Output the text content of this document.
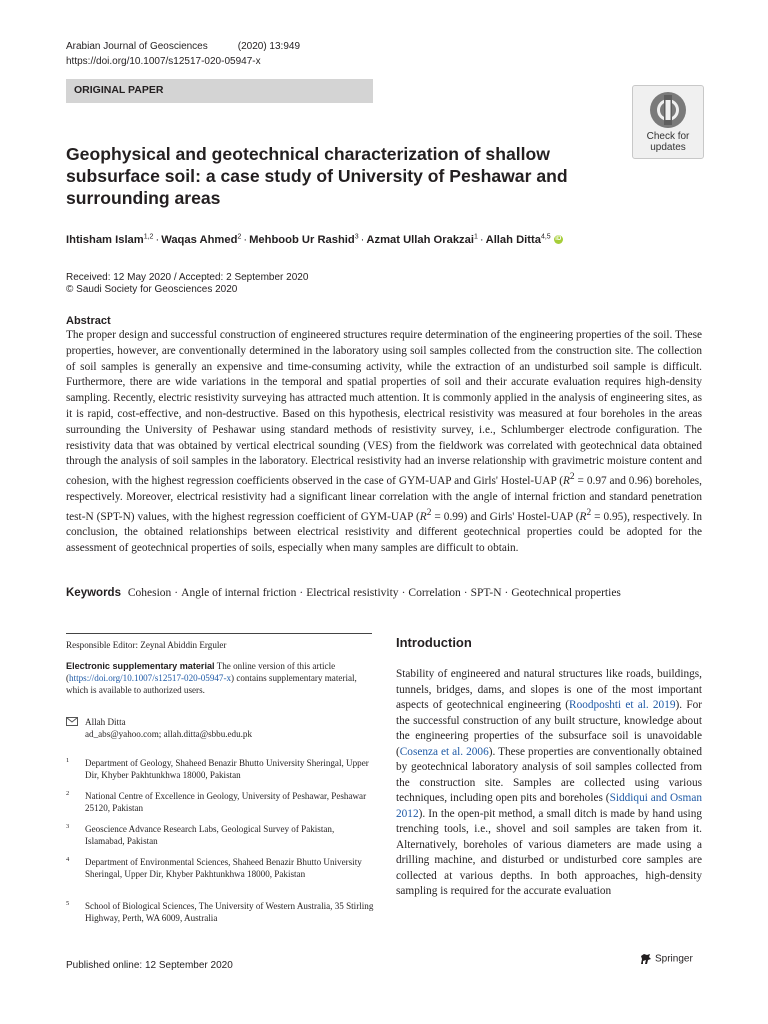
Arabian Journal of Geosciences	(2020) 13:949
https://doi.org/10.1007/s12517-020-05947-x
ORIGINAL PAPER
Check for
updates
Geophysical and geotechnical characterization of shallow subsurface soil: a case study of University of Peshawar and surrounding areas
Ihtisham Islam$^{1,2}$ · Waqas Ahmed$^2$ · Mehboob Ur Rashid$^3$ · Azmat Ullah Orakzai$^1$ · Allah Ditta$^{4,5}$ iD
Received: 12 May 2020 / Accepted: 2 September 2020
© Saudi Society for Geosciences 2020
Abstract
The proper design and successful construction of engineered structures require determination of the engineering properties of the soil. These properties, however, are conventionally determined in the laboratory using soil samples collected from the construction site. The collection of soil samples is generally an expensive and time-consuming activity, while the extraction of an undisturbed soil sample is difficult. Furthermore, there are wide variations in the temporal and spatial properties of soil and their accurate evaluation requires high-density sampling. Recently, electric resistivity surveying has attracted much attention. It is commonly applied in the analysis of engineering sites, as it is rapid, cost-effective, and non-destructive. Based on this hypothesis, electrical resistivity was measured at four boreholes in the areas surrounding the University of Peshawar using standard methods of resistivity survey, i.e., Schlumberger electrode configuration. The resistivity data that was obtained by vertical electrical sounding (VES) from the fieldwork was correlated with geotechnical data obtained through the analysis of soil samples in the laboratory. Electrical resistivity had an inverse relationship with gravimetric moisture content and cohesion, with the highest regression coefficients observed in the case of GYM-UAP and Girls' Hostel-UAP ($R^2 = 0.97$ and 0.96) boreholes, respectively. Moreover, electrical resistivity had a significant linear correlation with the angle of internal friction and standard penetration test-N (SPT-N) values, with the highest regression coefficient of GYM-UAP $(R^2 = 0.99)$ and Girls' Hostel-UAP $(R^2 = 0.95)$, respectively. In conclusion, the obtained relationships between electrical resistivity and different geotechnical properties could be adopted for the assessment of geotechnical properties of soils, especially when many samples are difficult to obtain.
Keywords Cohesion · Angle of internal friction · Electrical resistivity · Correlation · SPT-N · Geotechnical properties
Responsible Editor: Zeynal Abiddin Erguler
Electronic supplementary material The online version of this article (https://doi.org/10.1007/s12517-020-05947-x) contains supplementary material, which is available to authorized users.
Allah Ditta
ad_abs@yahoo.com; allah.ditta@sbbu.edu.pk
1 Department of Geology, Shaheed Benazir Bhutto University Sheringal, Upper Dir, Khyber Pakhtunkhwa 18000, Pakistan
2 National Centre of Excellence in Geology, University of Peshawar, Peshawar 25120, Pakistan
3 Geoscience Advance Research Labs, Geological Survey of Pakistan, Islamabad, Pakistan
4 Department of Environmental Sciences, Shaheed Benazir Bhutto University Sheringal, Upper Dir, Khyber Pakhtunkhwa 18000, Pakistan
5 School of Biological Sciences, The University of Western Australia, 35 Stirling Highway, Perth, WA 6009, Australia
Introduction
Stability of engineered and natural structures like roads, buildings, tunnels, bridges, dams, and slopes is one of the most important aspects of geotechnical engineering (Roodposhti et al. 2019). For the successful construction of any built structure, knowledge about the engineering properties of the subsurface soil is unavoidable (Cosenza et al. 2006). These properties are conventionally obtained by geotechnical laboratory analysis of soil samples collected from the construction site. Samples are collected using various techniques, including open pits and boreholes (Siddiqui and Osman 2012). In the open-pit method, a small ditch is made by hand using trenching tools, i.e., shovel and soil samples are taken from it. Alternatively, boreholes of various diameters are made using a drilling machine, and disturbed or undisturbed core samples are collected at various depths. In both approaches, high-density sampling is required for the accurate evaluation
Published online: 12 September 2020
Springer
